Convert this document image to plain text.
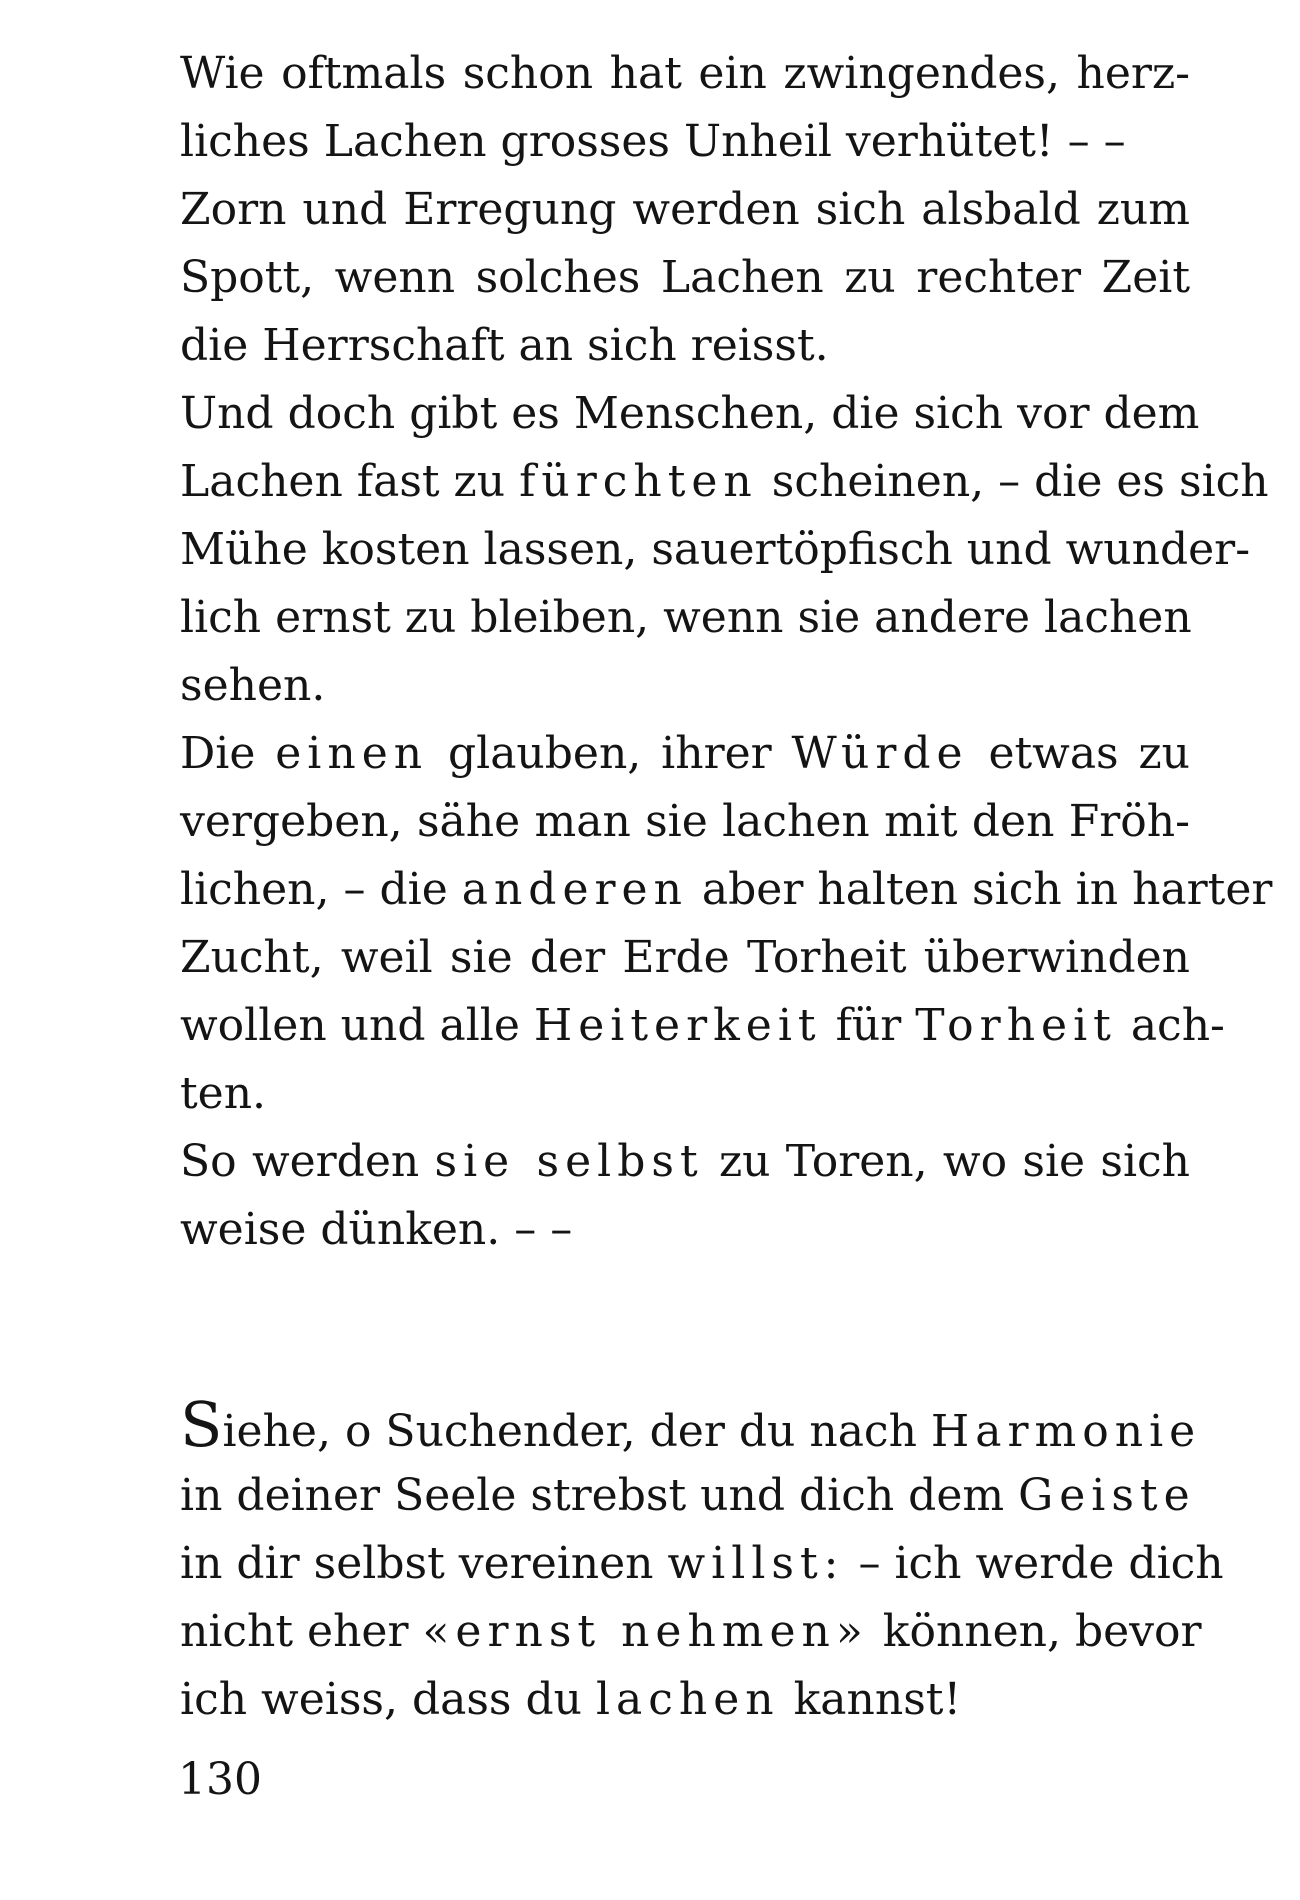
Wie oftmals schon hat ein zwingendes, herz-
liches Lachen grosses Unheil verhütet! – –
Zorn und Erregung werden sich alsbald zum
Spott, wenn solches Lachen zu rechter Zeit
die Herrschaft an sich reisst.
Und doch gibt es Menschen, die sich vor dem
Lachen fast zu fürchten scheinen, – die es sich
Mühe kosten lassen, sauertöpfisch und wunder-
lich ernst zu bleiben, wenn sie andere lachen
sehen.
Die einen glauben, ihrer Würde etwas zu
vergeben, sähe man sie lachen mit den Fröh-
lichen, – die anderen aber halten sich in harter
Zucht, weil sie der Erde Torheit überwinden
wollen und alle Heiterkeit für Torheit ach-
ten.
So werden sie selbst zu Toren, wo sie sich
weise dünken. – –
Siehe, o Suchender, der du nach Harmonie
in deiner Seele strebst und dich dem Geiste
in dir selbst vereinen willst: – ich werde dich
nicht eher «ernst nehmen» können, bevor
ich weiss, dass du lachen kannst!
130
